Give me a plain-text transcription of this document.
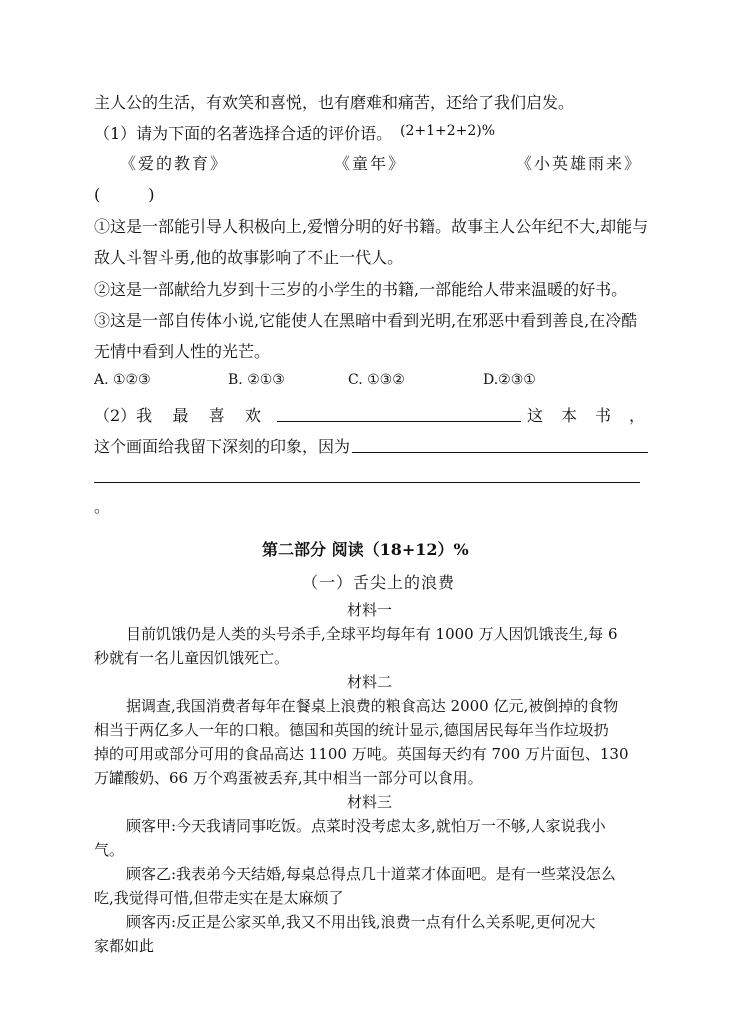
主人公的生活，有欢笑和喜悦，也有磨难和痛苦，还给了我们启发。
（1）请为下面的名著选择合适的评价语。 (2+1+2+2)%
《爱的教育》	《童年》	《小英雄雨来》
(　　　)
①这是一部能引导人积极向上,爱憎分明的好书籍。故事主人公年纪不大,却能与
敌人斗智斗勇,他的故事影响了不止一代人。
②这是一部献给九岁到十三岁的小学生的书籍,一部能给人带来温暖的好书。
③这是一部自传体小说,它能使人在黑暗中看到光明,在邪恶中看到善良,在冷酷
无情中看到人性的光芒。
A. ①②③	B. ②①③	C. ①③②	D.②③①
（2）我 最 喜 欢	这 本 书 ，
这个画面给我留下深刻的印象，因为
。
第二部分 阅读（18+12）%
（一）舌尖上的浪费
材料一
目前饥饿仍是人类的头号杀手,全球平均每年有 1000 万人因饥饿丧生,每 6
秒就有一名儿童因饥饿死亡。
材料二
据调查,我国消费者每年在餐桌上浪费的粮食高达 2000 亿元,被倒掉的食物
相当于两亿多人一年的口粮。德国和英国的统计显示,德国居民每年当作垃圾扔
掉的可用或部分可用的食品高达 1100 万吨。英国每天约有 700 万片面包、130
万罐酸奶、66 万个鸡蛋被丢弃,其中相当一部分可以食用。
材料三
顾客甲:今天我请同事吃饭。点菜时没考虑太多,就怕万一不够,人家说我小
气。
顾客乙:我表弟今天结婚,每桌总得点几十道菜才体面吧。是有一些菜没怎么
吃,我觉得可惜,但带走实在是太麻烦了
顾客丙:反正是公家买单,我又不用出钱,浪费一点有什么关系呢,更何况大
家都如此
